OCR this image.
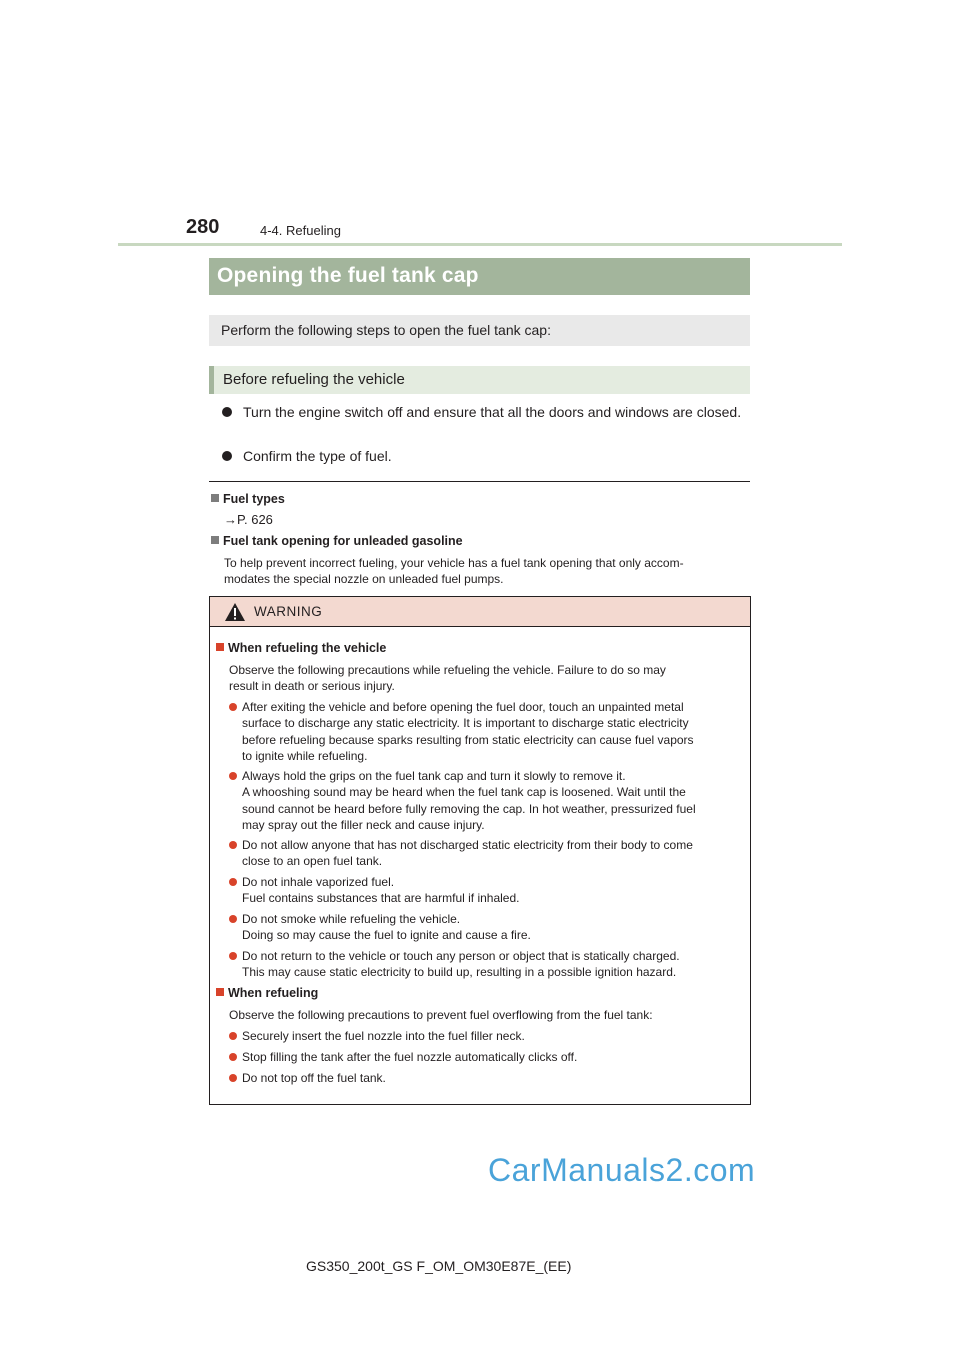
280	4-4. Refueling
Opening the fuel tank cap
Perform the following steps to open the fuel tank cap:
Before refueling the vehicle
Turn the engine switch off and ensure that all the doors and windows are closed.
Confirm the type of fuel.
Fuel types
→P. 626
Fuel tank opening for unleaded gasoline
To help prevent incorrect fueling, your vehicle has a fuel tank opening that only accom-
modates the special nozzle on unleaded fuel pumps.
WARNING
When refueling the vehicle
Observe the following precautions while refueling the vehicle. Failure to do so may
result in death or serious injury.
After exiting the vehicle and before opening the fuel door, touch an unpainted metal
surface to discharge any static electricity. It is important to discharge static electricity
before refueling because sparks resulting from static electricity can cause fuel vapors
to ignite while refueling.
Always hold the grips on the fuel tank cap and turn it slowly to remove it.
A whooshing sound may be heard when the fuel tank cap is loosened. Wait until the
sound cannot be heard before fully removing the cap. In hot weather, pressurized fuel
may spray out the filler neck and cause injury.
Do not allow anyone that has not discharged static electricity from their body to come
close to an open fuel tank.
Do not inhale vaporized fuel.
Fuel contains substances that are harmful if inhaled.
Do not smoke while refueling the vehicle.
Doing so may cause the fuel to ignite and cause a fire.
Do not return to the vehicle or touch any person or object that is statically charged.
This may cause static electricity to build up, resulting in a possible ignition hazard.
When refueling
Observe the following precautions to prevent fuel overflowing from the fuel tank:
Securely insert the fuel nozzle into the fuel filler neck.
Stop filling the tank after the fuel nozzle automatically clicks off.
Do not top off the fuel tank.
CarManuals2.com
GS350_200t_GS F_OM_OM30E87E_(EE)
